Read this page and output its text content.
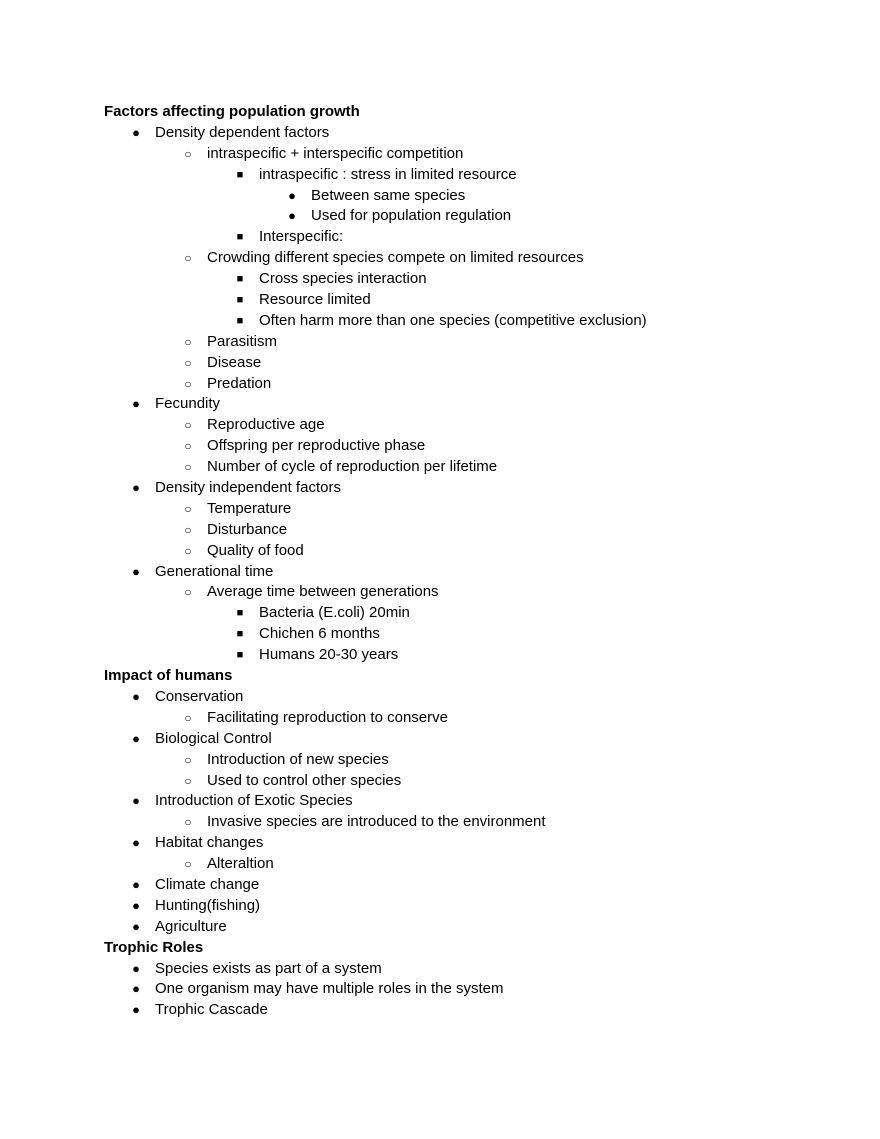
Factors affecting population growth
● Density dependent factors
○ intraspecific + interspecific competition
■ intraspecific : stress in limited resource
● Between same species
● Used for population regulation
■ Interspecific:
○ Crowding different species compete on limited resources
■ Cross species interaction
■ Resource limited
■ Often harm more than one species (competitive exclusion)
○ Parasitism
○ Disease
○ Predation
● Fecundity
○ Reproductive age
○ Offspring per reproductive phase
○ Number of cycle of reproduction per lifetime
● Density independent factors
○ Temperature
○ Disturbance
○ Quality of food
● Generational time
○ Average time between generations
■ Bacteria (E.coli) 20min
■ Chichen 6 months
■ Humans 20-30 years
Impact of humans
● Conservation
○ Facilitating reproduction to conserve
● Biological Control
○ Introduction of new species
○ Used to control other species
● Introduction of Exotic Species
○ Invasive species are introduced to the environment
● Habitat changes
○ Alteraltion
● Climate change
● Hunting(fishing)
● Agriculture
Trophic Roles
● Species exists as part of a system
● One organism may have multiple roles in the system
● Trophic Cascade
